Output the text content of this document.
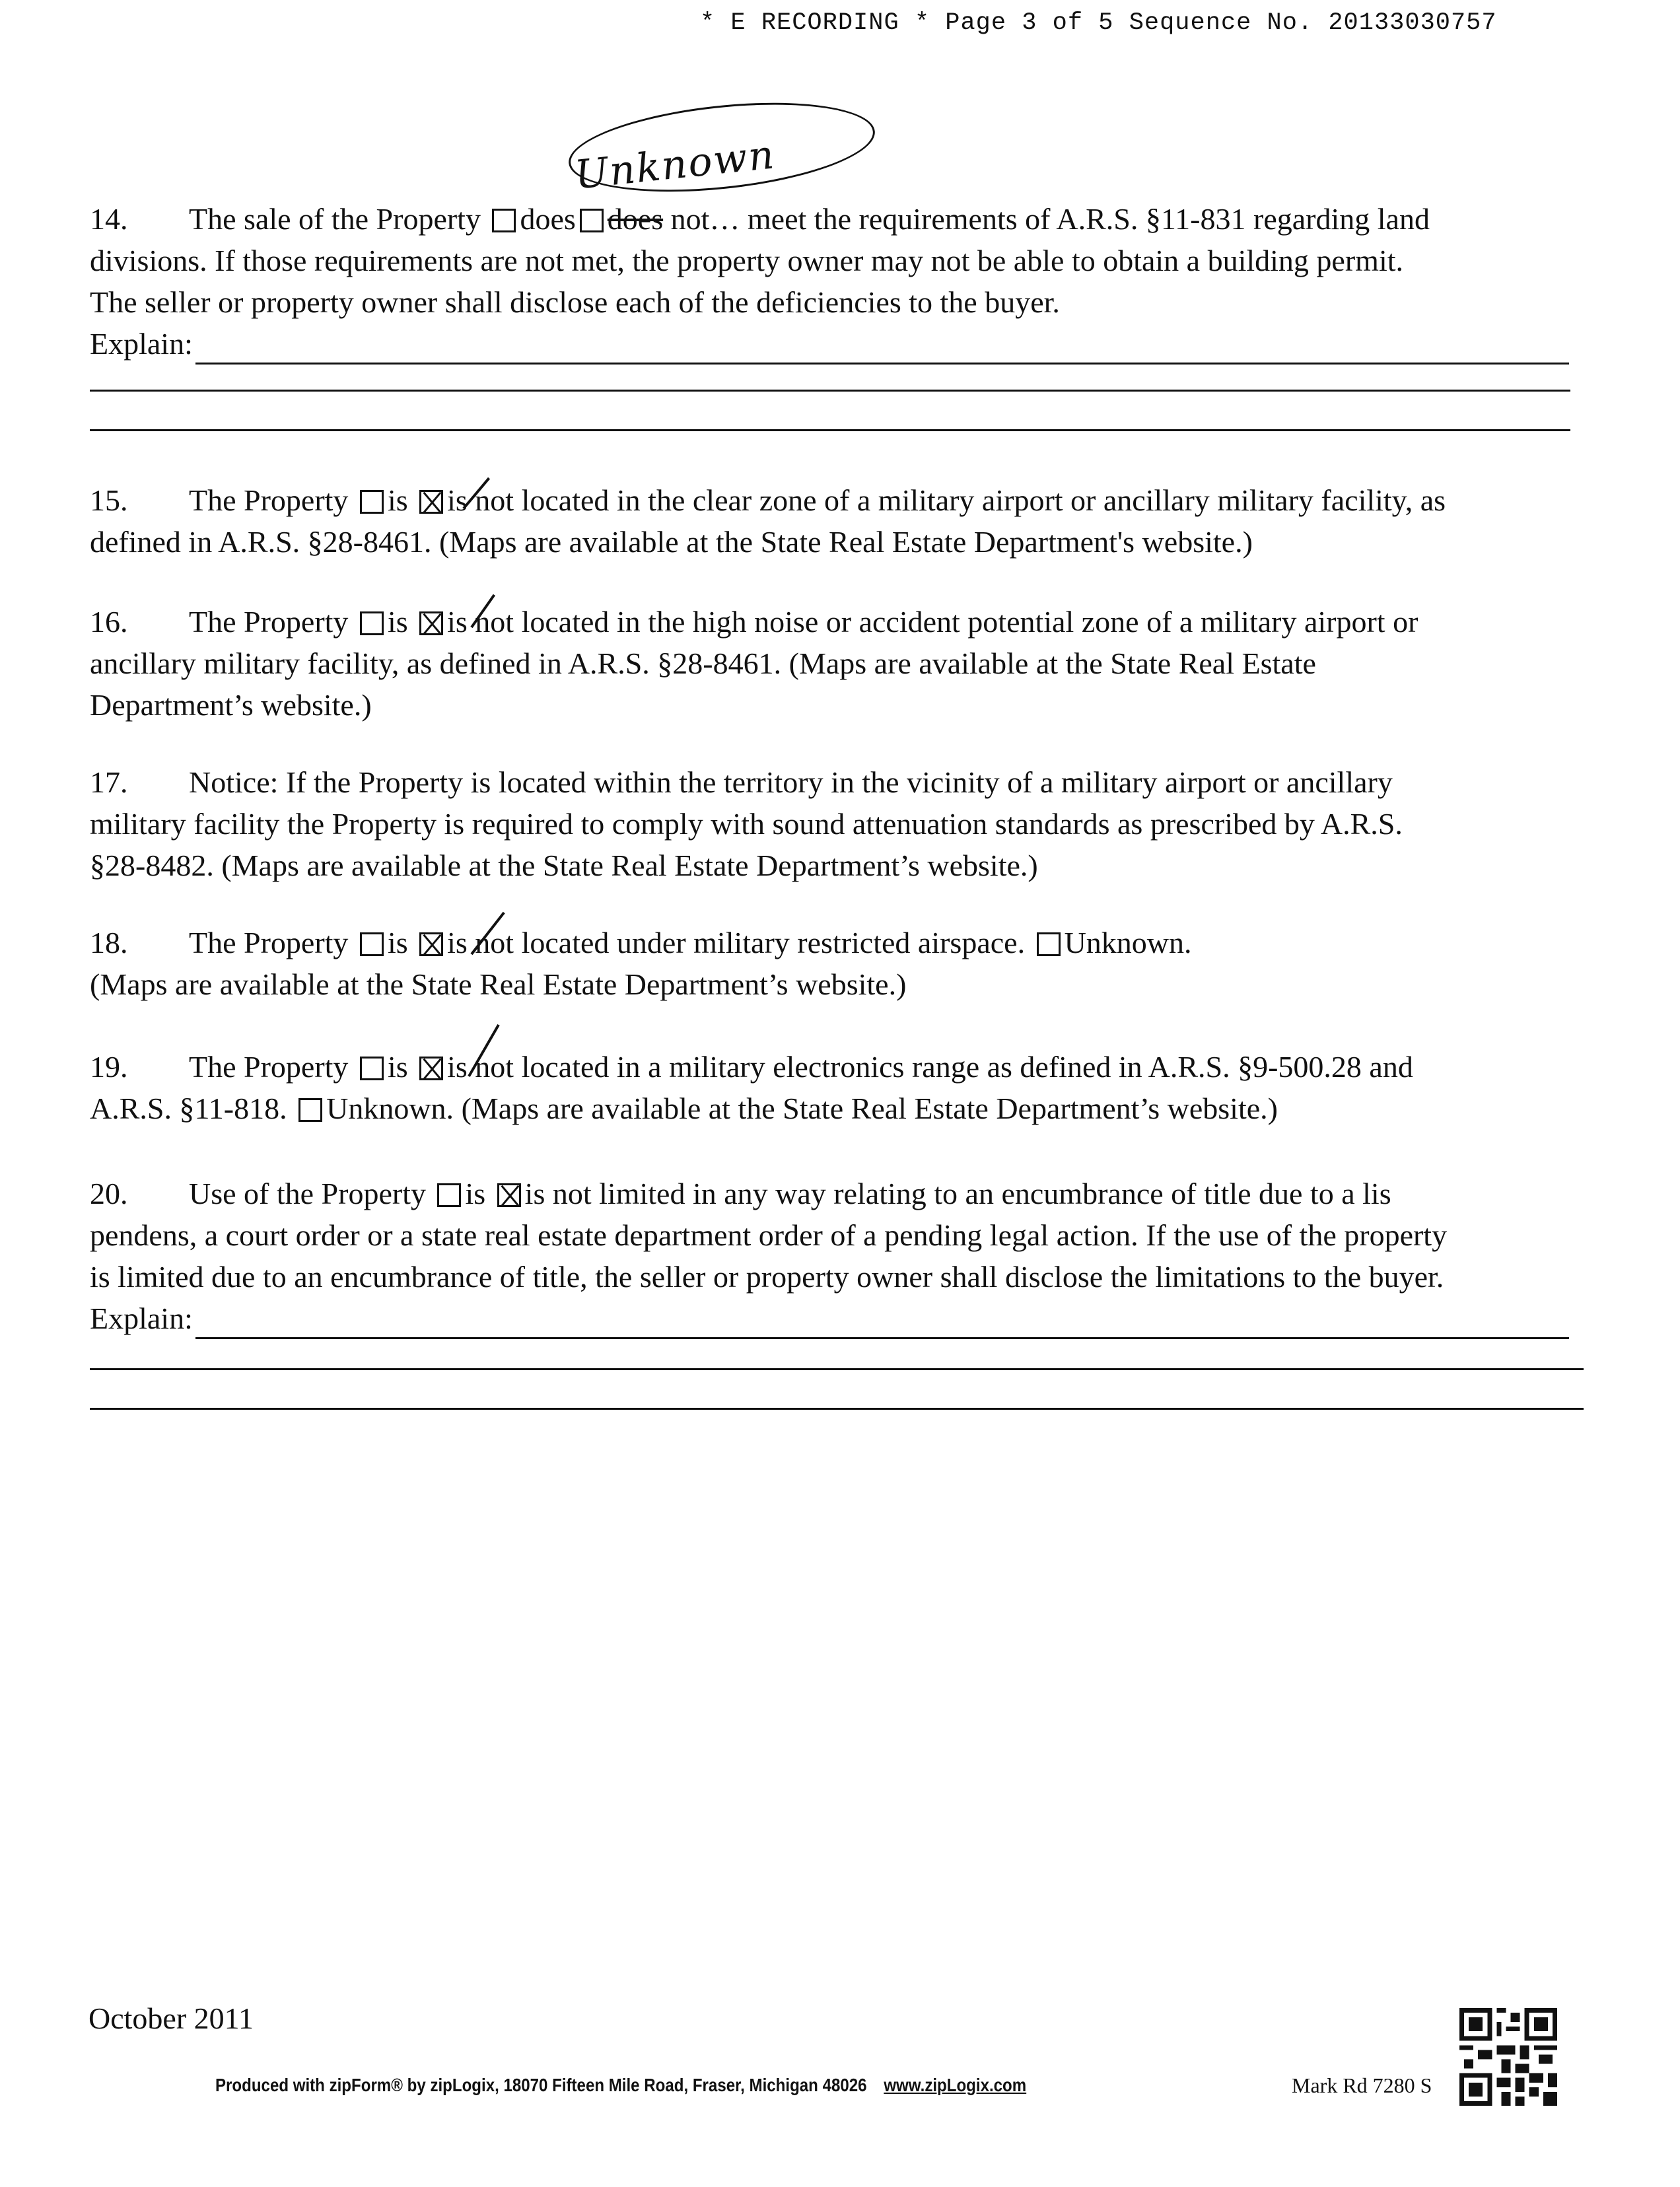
* E RECORDING * Page 3 of 5 Sequence No. 20133030757
Unknown
14. The sale of the Property does does not… meet the requirements of A.R.S. §11-831 regarding land
divisions. If those requirements are not met, the property owner may not be able to obtain a building permit.
The seller or property owner shall disclose each of the deficiencies to the buyer.
Explain:
15. The Property is is not located in the clear zone of a military airport or ancillary military facility, as
defined in A.R.S. §28-8461. (Maps are available at the State Real Estate Department's website.)
16. The Property is is not located in the high noise or accident potential zone of a military airport or
ancillary military facility, as defined in A.R.S. §28-8461. (Maps are available at the State Real Estate
Department’s website.)
17. Notice: If the Property is located within the territory in the vicinity of a military airport or ancillary
military facility the Property is required to comply with sound attenuation standards as prescribed by A.R.S.
§28-8482. (Maps are available at the State Real Estate Department’s website.)
18. The Property is is not located under military restricted airspace. Unknown.
(Maps are available at the State Real Estate Department’s website.)
19. The Property is is not located in a military electronics range as defined in A.R.S. §9-500.28 and
A.R.S. §11-818. Unknown. (Maps are available at the State Real Estate Department’s website.)
20. Use of the Property is is not limited in any way relating to an encumbrance of title due to a lis
pendens, a court order or a state real estate department order of a pending legal action. If the use of the property
is limited due to an encumbrance of title, the seller or property owner shall disclose the limitations to the buyer.
Explain:
October 2011
Produced with zipForm® by zipLogix, 18070 Fifteen Mile Road, Fraser, Michigan 48026 www.zipLogix.com	Mark Rd 7280 S
